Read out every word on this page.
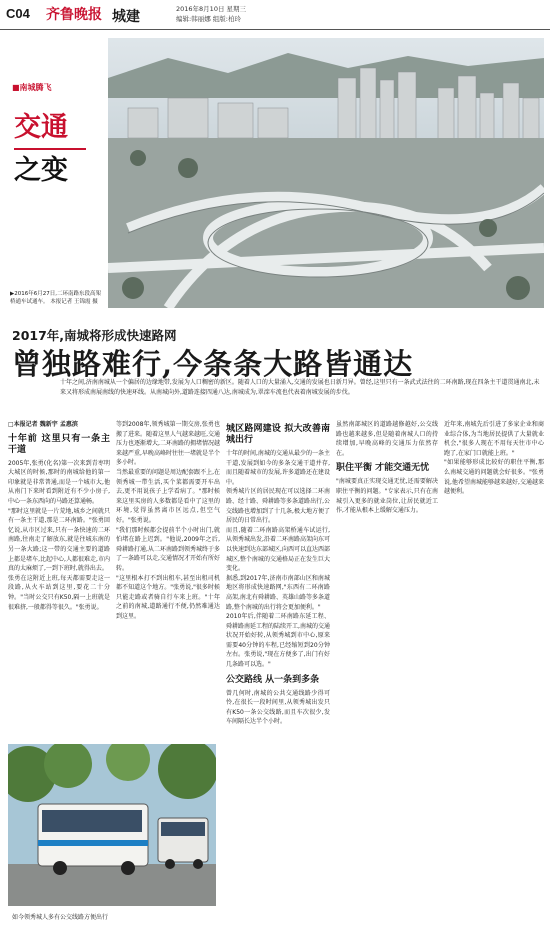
C04 齐鲁晚报 城建	2016年8月10日 星期三
编辑:韩丽娜 组版:柏玲
■南城腾飞
交通
之变
▶2016年6月27日,二环南路东段高架桥通车试通车。 本报记者 王锦霞 摄
2017年,南城将形成快速路网
曾独路难行,今条条大路皆通达
十年之间,济南南城从一个偏居的边缘地带,发展为人口稠密的新区。随着人口的大量涌入,交通的发展也日新月异。曾经,这里只有一条武式法往的二环南路,现在四条主干道贯通南北,未来又将形成南展南线的快速环线。从南城向外,道路连接四通八达,南城成为,翠滦车流也代表着南城发展的步伐。
□本报记者 魏新宇 孟惠滨
十年前 这里只有一条主干道

2005年,张勇(化名)第一次来到青枣明大城区的时候,那时的南城给他的第一印象就是非常普通,而是一个城市大,他从南门下来时看到附近有不少小房子,中心一条东西向的马路还算通畅。

"那时这里就是一片荒地,城乡之间就只有一条主干道,那是二环南路。"张勇回忆说,从市区过来,只有一条快速的二环南路,往南走了解放东,就是往城东南的另一条大路;这一带的交通主要的道路上都是堵车,比起中心,人都很难走,市内真的太麻烦了,一到下班时,就得出去。

张勇在这附近上班,每天都需要走这一段路,从火车站到这里,要花二十分钟。"当时公交只有K50,隔一上班就是很难挤,一般都得等很久。"张勇说。

等到2008年,领秀城第一期交房,张勇也搬了进来。随着这里人气越来越旺,交通压力也逐渐增大,二环南路的拥堵情况越来越严重,早晚高峰时往往一堵就是半个多小时。

当然最重要的问题是周边配套跟不上,在领秀城一带生活,买个菜都需要开车出去,更不用说孩子上学看病了。"那时候来这里买房的人多数都是看中了这里的环境,觉得虽然离市区远点,但空气好。"张勇说。

"我们那时候都会提前半个小时出门,就怕堵在路上迟到。"他说,2009年之后,舜耕路打通,从二环南路到领秀城终于多了一条路可以走,交通情况才开始有所好转。

"这里根本打不到出租车,甚至出租司机都不知道这个地方。"张勇说,"很多时候只能走路或者骑自行车来上班。"十年之前的南城,道路通行不便,仍然难通达到这里。

城区路网建设 拟大改善南城出行

十年的时间,南城的交通从最少的一条主干道,发展到如今的多条交通干道并存,而且随着城市的发展,许多道路还在建设中。

领秀城片区的居民现在可以选择二环南路、经十路、舜耕路等多条道路出行,公交线路也增加到了十几条,极大地方便了居民的日常出行。

而且,随着二环南路高架桥通车试运行,从领秀城出发,沿着二环南路高架向东可以快速到达东部城区,向西可以直达西部城区,整个南城的交通格局正在发生巨大变化。

据悉,到2017年,济南市南部山区和南城地区将形成快速路网,"东西有二环南路高架,南北有舜耕路、英雄山路等多条道路,整个南城的出行将会更加便利。"

2010年后,伴随着二环南路东延工程、舜耕路南延工程的陆续开工,南城的交通状况开始好转,从领秀城到市中心,原来需要40分钟的车程,已经缩短到20分钟左右。张勇说,"现在方便多了,出门有好几条路可以选。"

公交路线 从一条到多条

曾几何时,南城的公共交通线路少得可怜,在很长一段时间里,从领秀城出发只有K50一条公交线路,而且车次很少,发车间隔长达半个小时。

虽然南部城区的道路越修越好,公交线路也越来越多,但是随着南城人口的持续增加,早晚高峰的交通压力依然存在。

职住平衡 才能交通无忧

"南城要真正实现交通无忧,还需要解决职住平衡的问题。"专家表示,只有在南城引入更多的就业岗位,让居民就近工作,才能从根本上缓解交通压力。

近年来,南城先后引进了多家企业和商业综合体,为当地居民提供了大量就业机会,"很多人现在不用每天往市中心跑了,在家门口就能上班。"

"如果能够形成比较好的职住平衡,那么南城交通的问题就会好很多。"张勇说,他希望南城能够越来越好,交通越来越便利。

如今领秀城人多有公交线路方便出行
